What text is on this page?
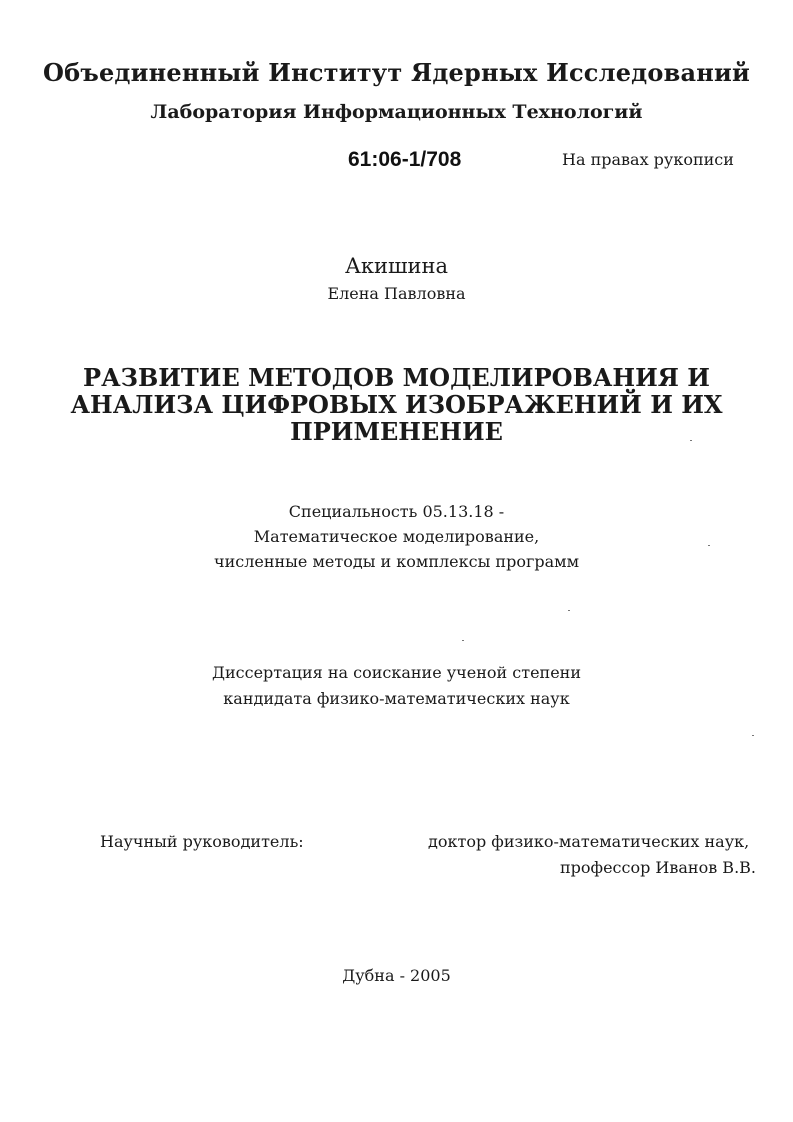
Объединенный Институт Ядерных Исследований
Лаборатория Информационных Технологий
61:06-1/708	На правах рукописи
Акишина
Елена Павловна
РАЗВИТИЕ МЕТОДОВ МОДЕЛИРОВАНИЯ И
АНАЛИЗА ЦИФРОВЫХ ИЗОБРАЖЕНИЙ И ИХ
ПРИМЕНЕНИЕ
Специальность 05.13.18 -
Математическое моделирование,
численные методы и комплексы программ
Диссертация на соискание ученой степени
кандидата физико-математических наук
Научный руководитель:	доктор физико-математических наук,
профессор Иванов В.В.
Дубна - 2005
